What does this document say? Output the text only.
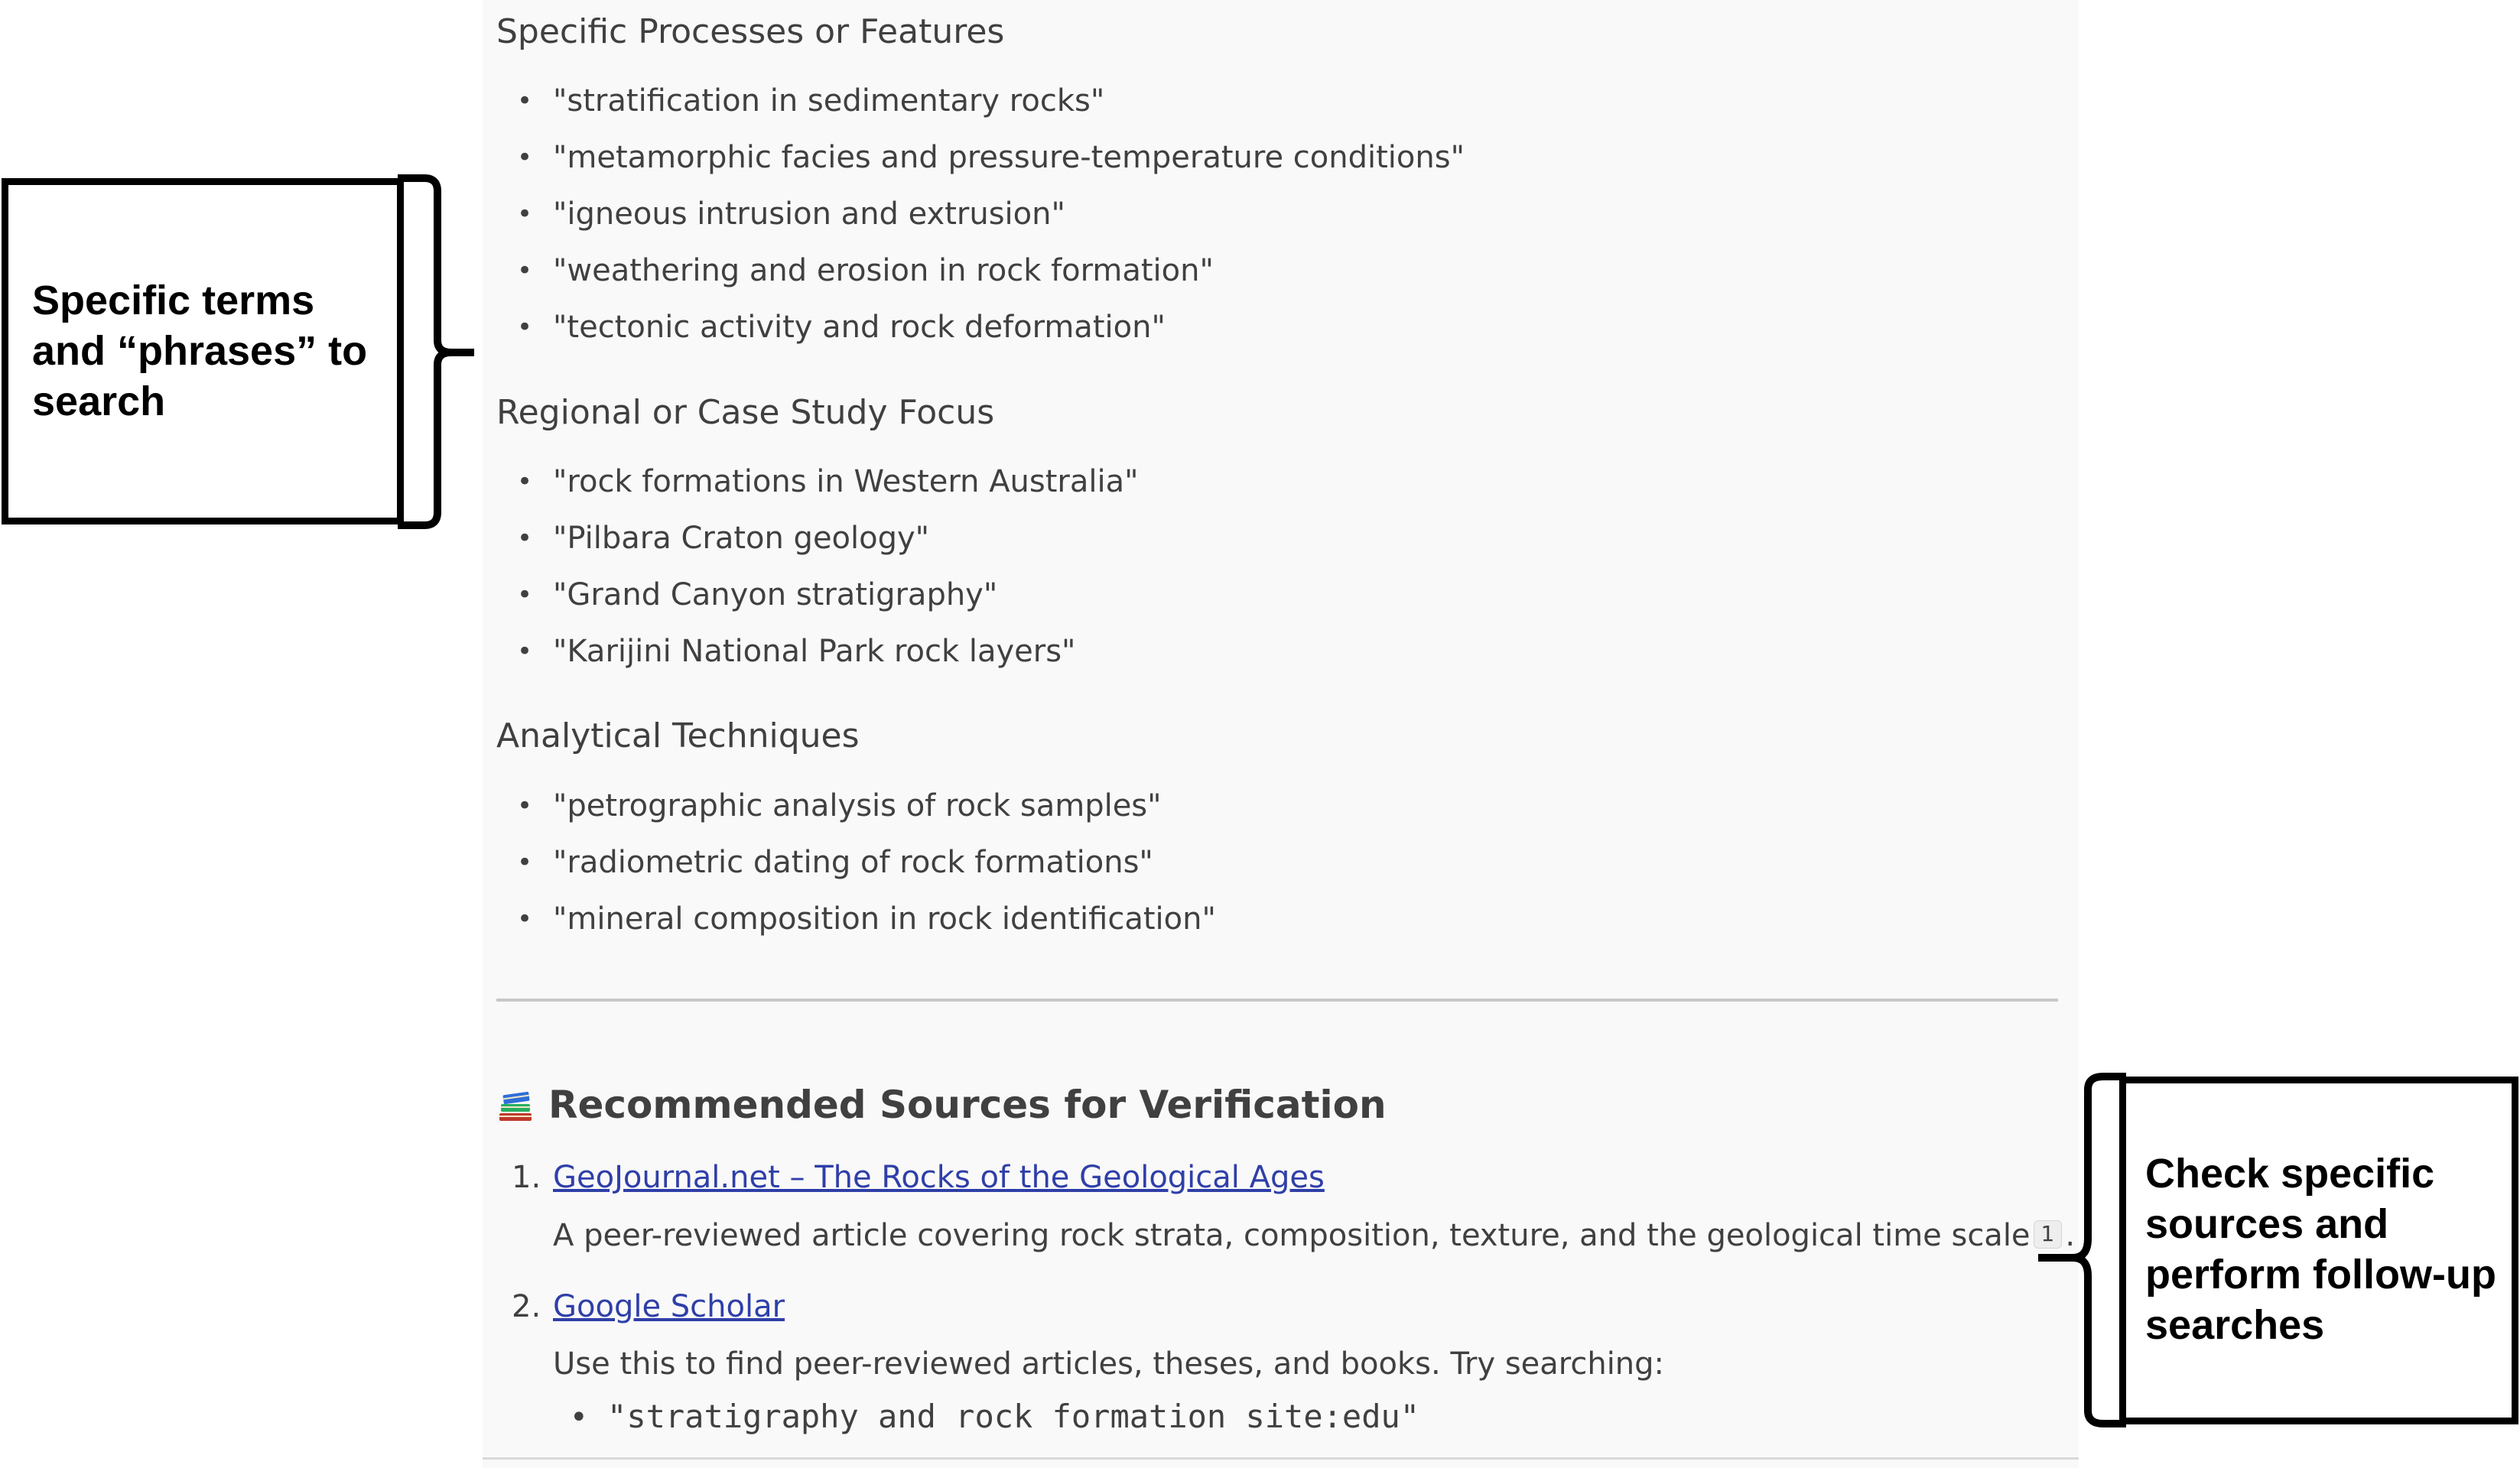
Specific Processes or Features
• "stratification in sedimentary rocks"
• "metamorphic facies and pressure-temperature conditions"
• "igneous intrusion and extrusion"
• "weathering and erosion in rock formation"
• "tectonic activity and rock deformation"
Regional or Case Study Focus
• "rock formations in Western Australia"
• "Pilbara Craton geology"
• "Grand Canyon stratigraphy"
• "Karijini National Park rock layers"
Analytical Techniques
• "petrographic analysis of rock samples"
• "radiometric dating of rock formations"
• "mineral composition in rock identification"
Recommended Sources for Verification
1. GeoJournal.net – The Rocks of the Geological Ages
A peer-reviewed article covering rock strata, composition, texture, and the geological time scale 1 .
2. Google Scholar
Use this to find peer-reviewed articles, theses, and books. Try searching:
•  "stratigraphy and rock formation site:edu"

Specific terms and “phrases” to search

Check specific sources and perform follow-up searches
